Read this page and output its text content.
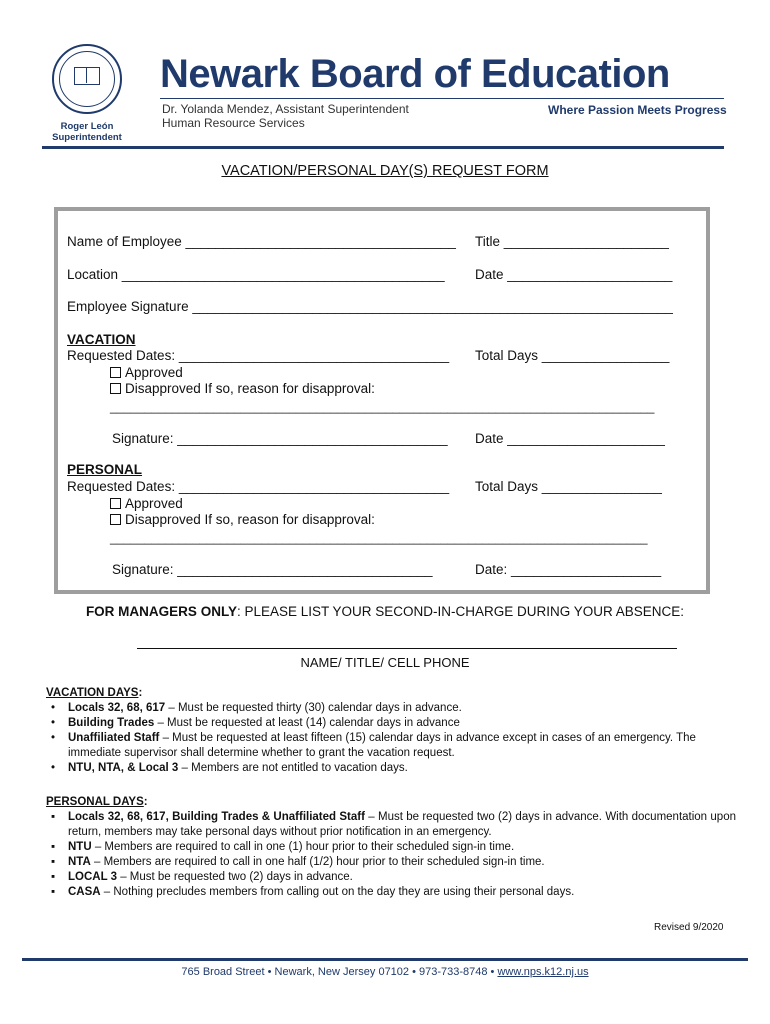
Roger León
Superintendent
Newark Board of Education
Dr. Yolanda Mendez, Assistant Superintendent
Human Resource Services
Where Passion Meets Progress
VACATION/PERSONAL DAY(S) REQUEST FORM
Name of Employee ____________________________________ Title ______________________
Location ___________________________________________ Date ______________________
Employee Signature ________________________________________________________________
VACATION
Requested Dates: ____________________________________ Total Days _________________
Approved
Disapproved If so, reason for disapproval:
_______________________________________________________________________________
Signature: ____________________________________ Date _____________________
PERSONAL
Requested Dates: ____________________________________ Total Days ________________
Approved
Disapproved If so, reason for disapproval:
______________________________________________________________________________
Signature: __________________________________	Date: ____________________
FOR MANAGERS ONLY: PLEASE LIST YOUR SECOND-IN-CHARGE DURING YOUR ABSENCE:
NAME/ TITLE/ CELL PHONE
VACATION DAYS:
•	Locals 32, 68, 617 – Must be requested thirty (30) calendar days in advance.
•	Building Trades – Must be requested at least (14) calendar days in advance
•	Unaffiliated Staff – Must be requested at least fifteen (15) calendar days in advance except in cases of an emergency. The immediate supervisor shall determine whether to grant the vacation request.
•	NTU, NTA, & Local 3 – Members are not entitled to vacation days.
PERSONAL DAYS:
▪	Locals 32, 68, 617, Building Trades & Unaffiliated Staff – Must be requested two (2) days in advance. With documentation upon return, members may take personal days without prior notification in an emergency.
▪	NTU – Members are required to call in one (1) hour prior to their scheduled sign-in time.
▪	NTA – Members are required to call in one half (1/2) hour prior to their scheduled sign-in time.
▪	LOCAL 3 – Must be requested two (2) days in advance.
▪	CASA – Nothing precludes members from calling out on the day they are using their personal days.
Revised 9/2020
765 Broad Street • Newark, New Jersey 07102 • 973-733-8748 • www.nps.k12.nj.us
